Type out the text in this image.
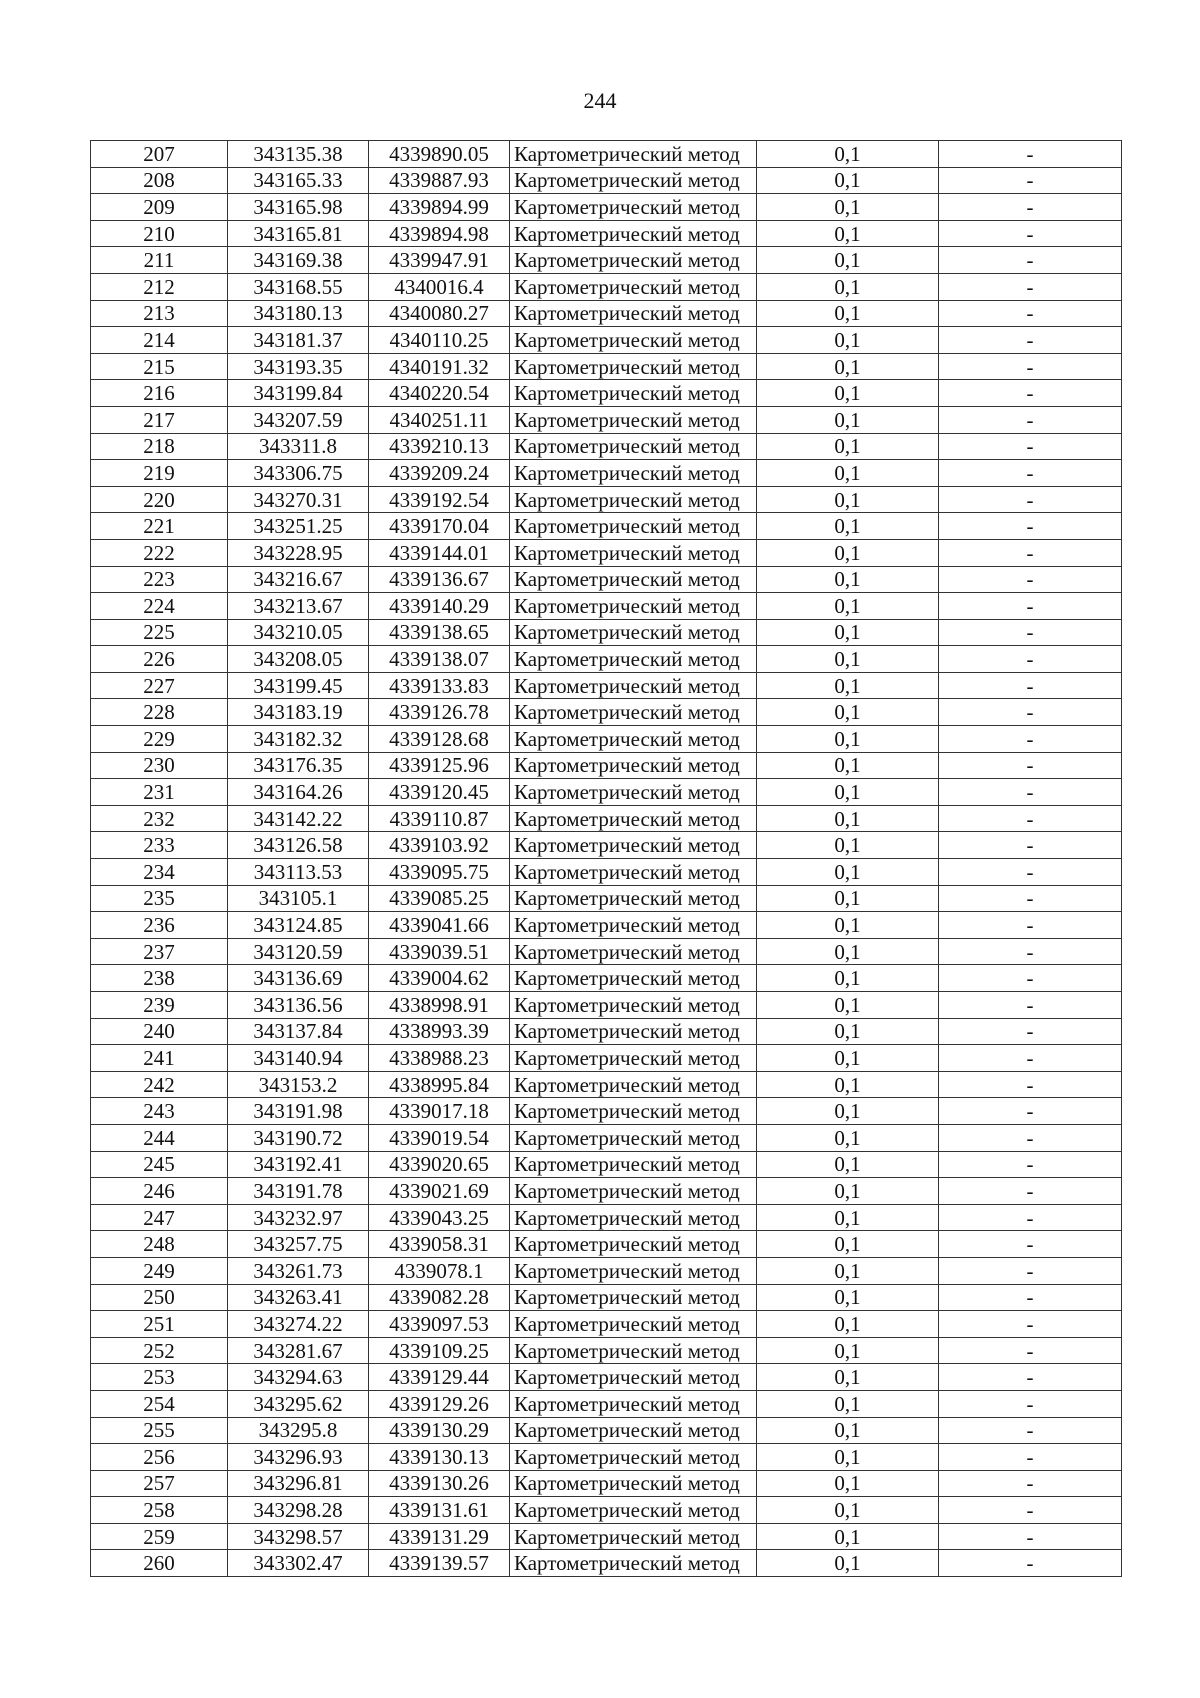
244
207	343135.38	4339890.05	Картометрический метод	0,1	-
208	343165.33	4339887.93	Картометрический метод	0,1	-
209	343165.98	4339894.99	Картометрический метод	0,1	-
210	343165.81	4339894.98	Картометрический метод	0,1	-
211	343169.38	4339947.91	Картометрический метод	0,1	-
212	343168.55	4340016.4	Картометрический метод	0,1	-
213	343180.13	4340080.27	Картометрический метод	0,1	-
214	343181.37	4340110.25	Картометрический метод	0,1	-
215	343193.35	4340191.32	Картометрический метод	0,1	-
216	343199.84	4340220.54	Картометрический метод	0,1	-
217	343207.59	4340251.11	Картометрический метод	0,1	-
218	343311.8	4339210.13	Картометрический метод	0,1	-
219	343306.75	4339209.24	Картометрический метод	0,1	-
220	343270.31	4339192.54	Картометрический метод	0,1	-
221	343251.25	4339170.04	Картометрический метод	0,1	-
222	343228.95	4339144.01	Картометрический метод	0,1	-
223	343216.67	4339136.67	Картометрический метод	0,1	-
224	343213.67	4339140.29	Картометрический метод	0,1	-
225	343210.05	4339138.65	Картометрический метод	0,1	-
226	343208.05	4339138.07	Картометрический метод	0,1	-
227	343199.45	4339133.83	Картометрический метод	0,1	-
228	343183.19	4339126.78	Картометрический метод	0,1	-
229	343182.32	4339128.68	Картометрический метод	0,1	-
230	343176.35	4339125.96	Картометрический метод	0,1	-
231	343164.26	4339120.45	Картометрический метод	0,1	-
232	343142.22	4339110.87	Картометрический метод	0,1	-
233	343126.58	4339103.92	Картометрический метод	0,1	-
234	343113.53	4339095.75	Картометрический метод	0,1	-
235	343105.1	4339085.25	Картометрический метод	0,1	-
236	343124.85	4339041.66	Картометрический метод	0,1	-
237	343120.59	4339039.51	Картометрический метод	0,1	-
238	343136.69	4339004.62	Картометрический метод	0,1	-
239	343136.56	4338998.91	Картометрический метод	0,1	-
240	343137.84	4338993.39	Картометрический метод	0,1	-
241	343140.94	4338988.23	Картометрический метод	0,1	-
242	343153.2	4338995.84	Картометрический метод	0,1	-
243	343191.98	4339017.18	Картометрический метод	0,1	-
244	343190.72	4339019.54	Картометрический метод	0,1	-
245	343192.41	4339020.65	Картометрический метод	0,1	-
246	343191.78	4339021.69	Картометрический метод	0,1	-
247	343232.97	4339043.25	Картометрический метод	0,1	-
248	343257.75	4339058.31	Картометрический метод	0,1	-
249	343261.73	4339078.1	Картометрический метод	0,1	-
250	343263.41	4339082.28	Картометрический метод	0,1	-
251	343274.22	4339097.53	Картометрический метод	0,1	-
252	343281.67	4339109.25	Картометрический метод	0,1	-
253	343294.63	4339129.44	Картометрический метод	0,1	-
254	343295.62	4339129.26	Картометрический метод	0,1	-
255	343295.8	4339130.29	Картометрический метод	0,1	-
256	343296.93	4339130.13	Картометрический метод	0,1	-
257	343296.81	4339130.26	Картометрический метод	0,1	-
258	343298.28	4339131.61	Картометрический метод	0,1	-
259	343298.57	4339131.29	Картометрический метод	0,1	-
260	343302.47	4339139.57	Картометрический метод	0,1	-
